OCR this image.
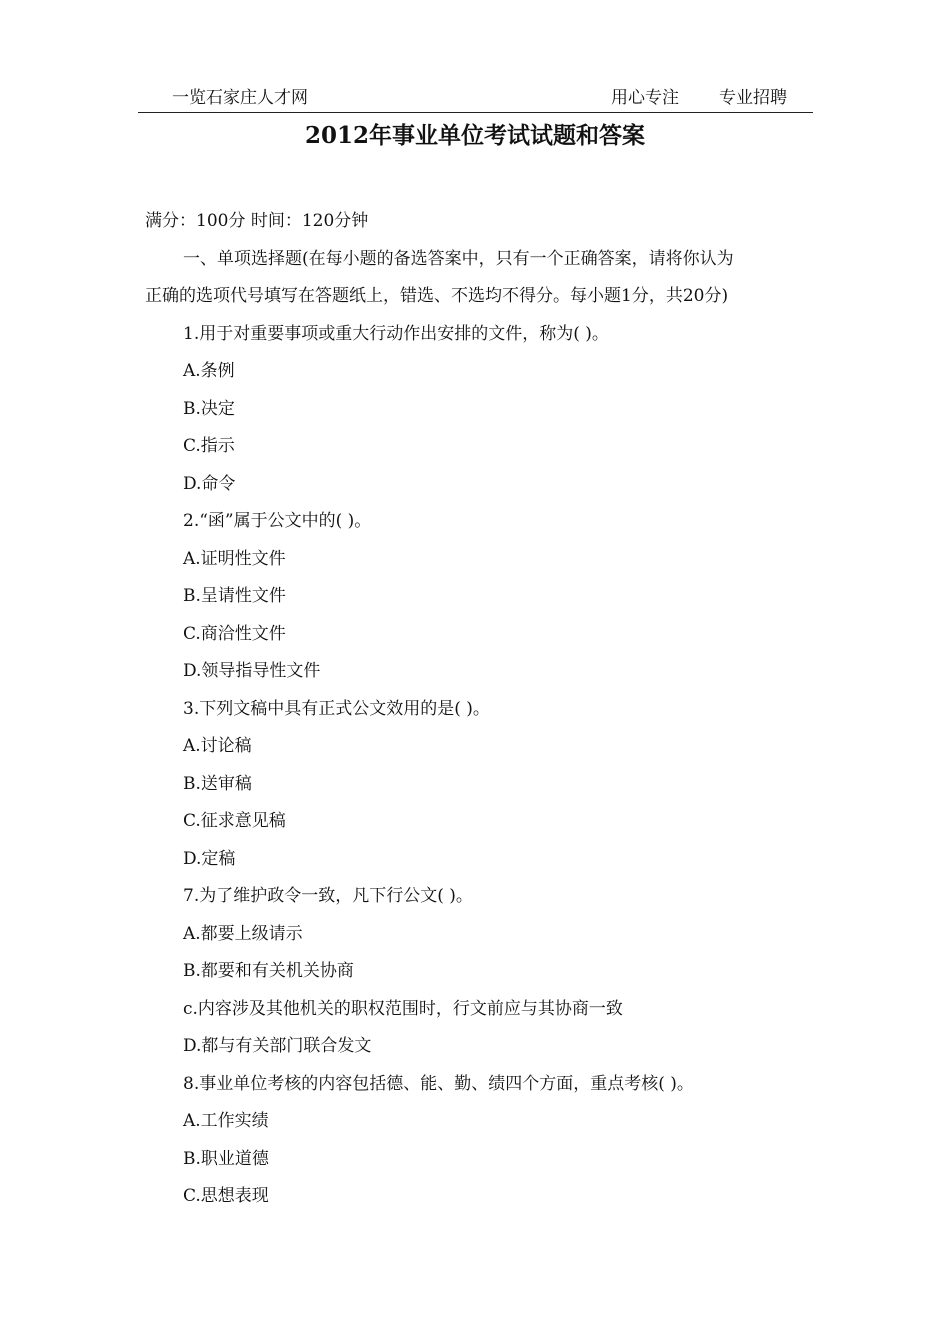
一览石家庄人才网	用心专注 专业招聘
2012年事业单位考试试题和答案

满分：100分 时间：120分钟

一、单项选择题(在每小题的备选答案中，只有一个正确答案，请将你认为

正确的选项代号填写在答题纸上，错选、不选均不得分。每小题1分，共20分)

1.用于对重要事项或重大行动作出安排的文件，称为( )。

A.条例

B.决定

C.指示

D.命令

2.“函”属于公文中的( )。

A.证明性文件

B.呈请性文件

C.商洽性文件

D.领导指导性文件

3.下列文稿中具有正式公文效用的是( )。

A.讨论稿

B.送审稿

C.征求意见稿

D.定稿

7.为了维护政令一致，凡下行公文( )。

A.都要上级请示

B.都要和有关机关协商

c.内容涉及其他机关的职权范围时，行文前应与其协商一致

D.都与有关部门联合发文

8.事业单位考核的内容包括德、能、勤、绩四个方面，重点考核( )。

A.工作实绩

B.职业道德

C.思想表现
